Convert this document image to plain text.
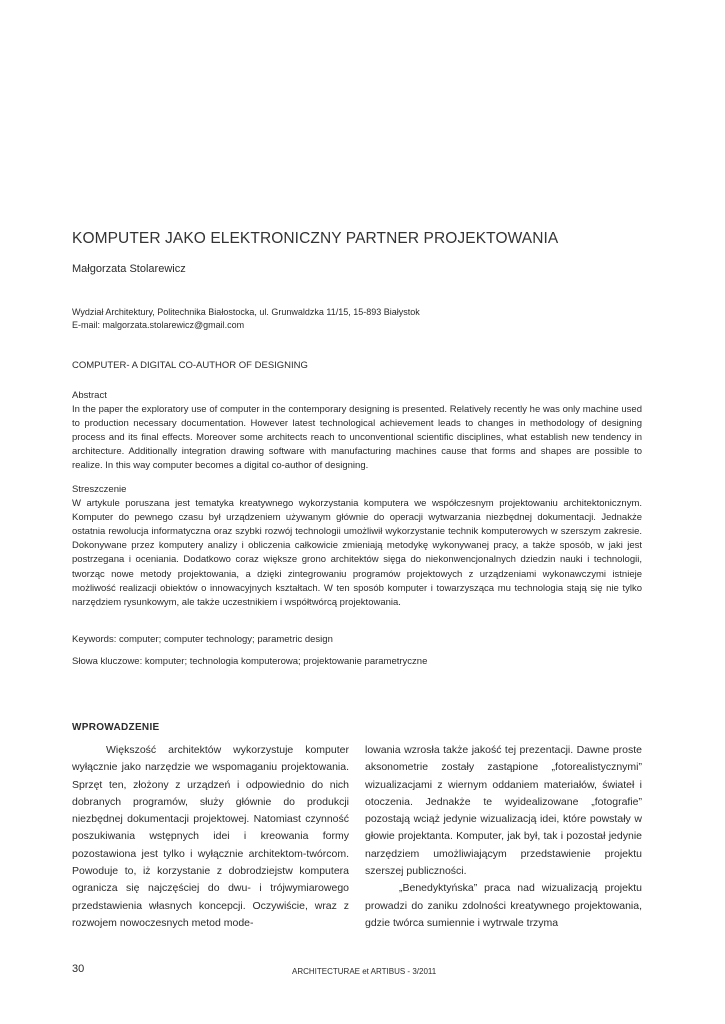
KOMPUTER JAKO ELEKTRONICZNY PARTNER PROJEKTOWANIA
Małgorzata Stolarewicz
Wydział Architektury, Politechnika Białostocka, ul. Grunwaldzka 11/15, 15-893 Białystok
E-mail: malgorzata.stolarewicz@gmail.com
COMPUTER- A DIGITAL CO-AUTHOR OF DESIGNING
Abstract
In the paper the exploratory use of computer in the contemporary designing is presented. Relatively recently he was only machine used to production necessary documentation. However latest technological achievement leads to changes in methodology of designing process and its final effects. Moreover some architects reach to unconventional scientific disciplines, what establish new tendency in architecture. Additionally integration drawing software with manufacturing machines cause that forms and shapes are possible to realize. In this way computer becomes a digital co-author of designing.
Streszczenie
W artykule poruszana jest tematyka kreatywnego wykorzystania komputera we współczesnym projektowaniu architektonicznym. Komputer do pewnego czasu był urządzeniem używanym głównie do operacji wytwarzania niezbędnej dokumentacji. Jednakże ostatnia rewolucja informatyczna oraz szybki rozwój technologii umożliwił wykorzystanie technik komputerowych w szerszym zakresie. Dokonywane przez komputery analizy i obliczenia całkowicie zmieniają metodykę wykonywanej pracy, a także sposób, w jaki jest postrzegana i oceniania. Dodatkowo coraz większe grono architektów sięga do niekonwencjonalnych dziedzin nauki i technologii, tworząc nowe metody projektowania, a dzięki zintegrowaniu programów projektowych z urządzeniami wykonawczymi istnieje możliwość realizacji obiektów o innowacyjnych kształtach. W ten sposób komputer i towarzysząca mu technologia stają się nie tylko narzędziem rysunkowym, ale także uczestnikiem i współtwórcą projektowania.
Keywords: computer; computer technology; parametric design
Słowa kluczowe: komputer; technologia komputerowa; projektowanie parametryczne
WPROWADZENIE

Większość architektów wykorzystuje komputer wyłącznie jako narzędzie we wspomaganiu projektowania. Sprzęt ten, złożony z urządzeń i odpowiednio do nich dobranych programów, służy głównie do produkcji niezbędnej dokumentacji projektowej. Natomiast czynność poszukiwania wstępnych idei i kreowania formy pozostawiona jest tylko i wyłącznie architektom-twórcom. Powoduje to, iż korzystanie z dobrodziejstw komputera ogranicza się najczęściej do dwu- i trójwymiarowego przedstawienia własnych koncepcji. Oczywiście, wraz z rozwojem nowoczesnych metod mode-

lowania wzrosła także jakość tej prezentacji. Dawne proste aksonometrie zostały zastąpione „fotorealistycznymi” wizualizacjami z wiernym oddaniem materiałów, świateł i otoczenia. Jednakże te wyidealizowane „fotografie” pozostają wciąż jedynie wizualizacją idei, które powstały w głowie projektanta. Komputer, jak był, tak i pozostał jedynie narzędziem umożliwiającym przedstawienie projektu szerszej publiczności.

„Benedyktyńska” praca nad wizualizacją projektu prowadzi do zaniku zdolności kreatywnego projektowania, gdzie twórca sumiennie i wytrwale trzyma

30	ARCHITECTURAE et ARTIBUS - 3/2011
